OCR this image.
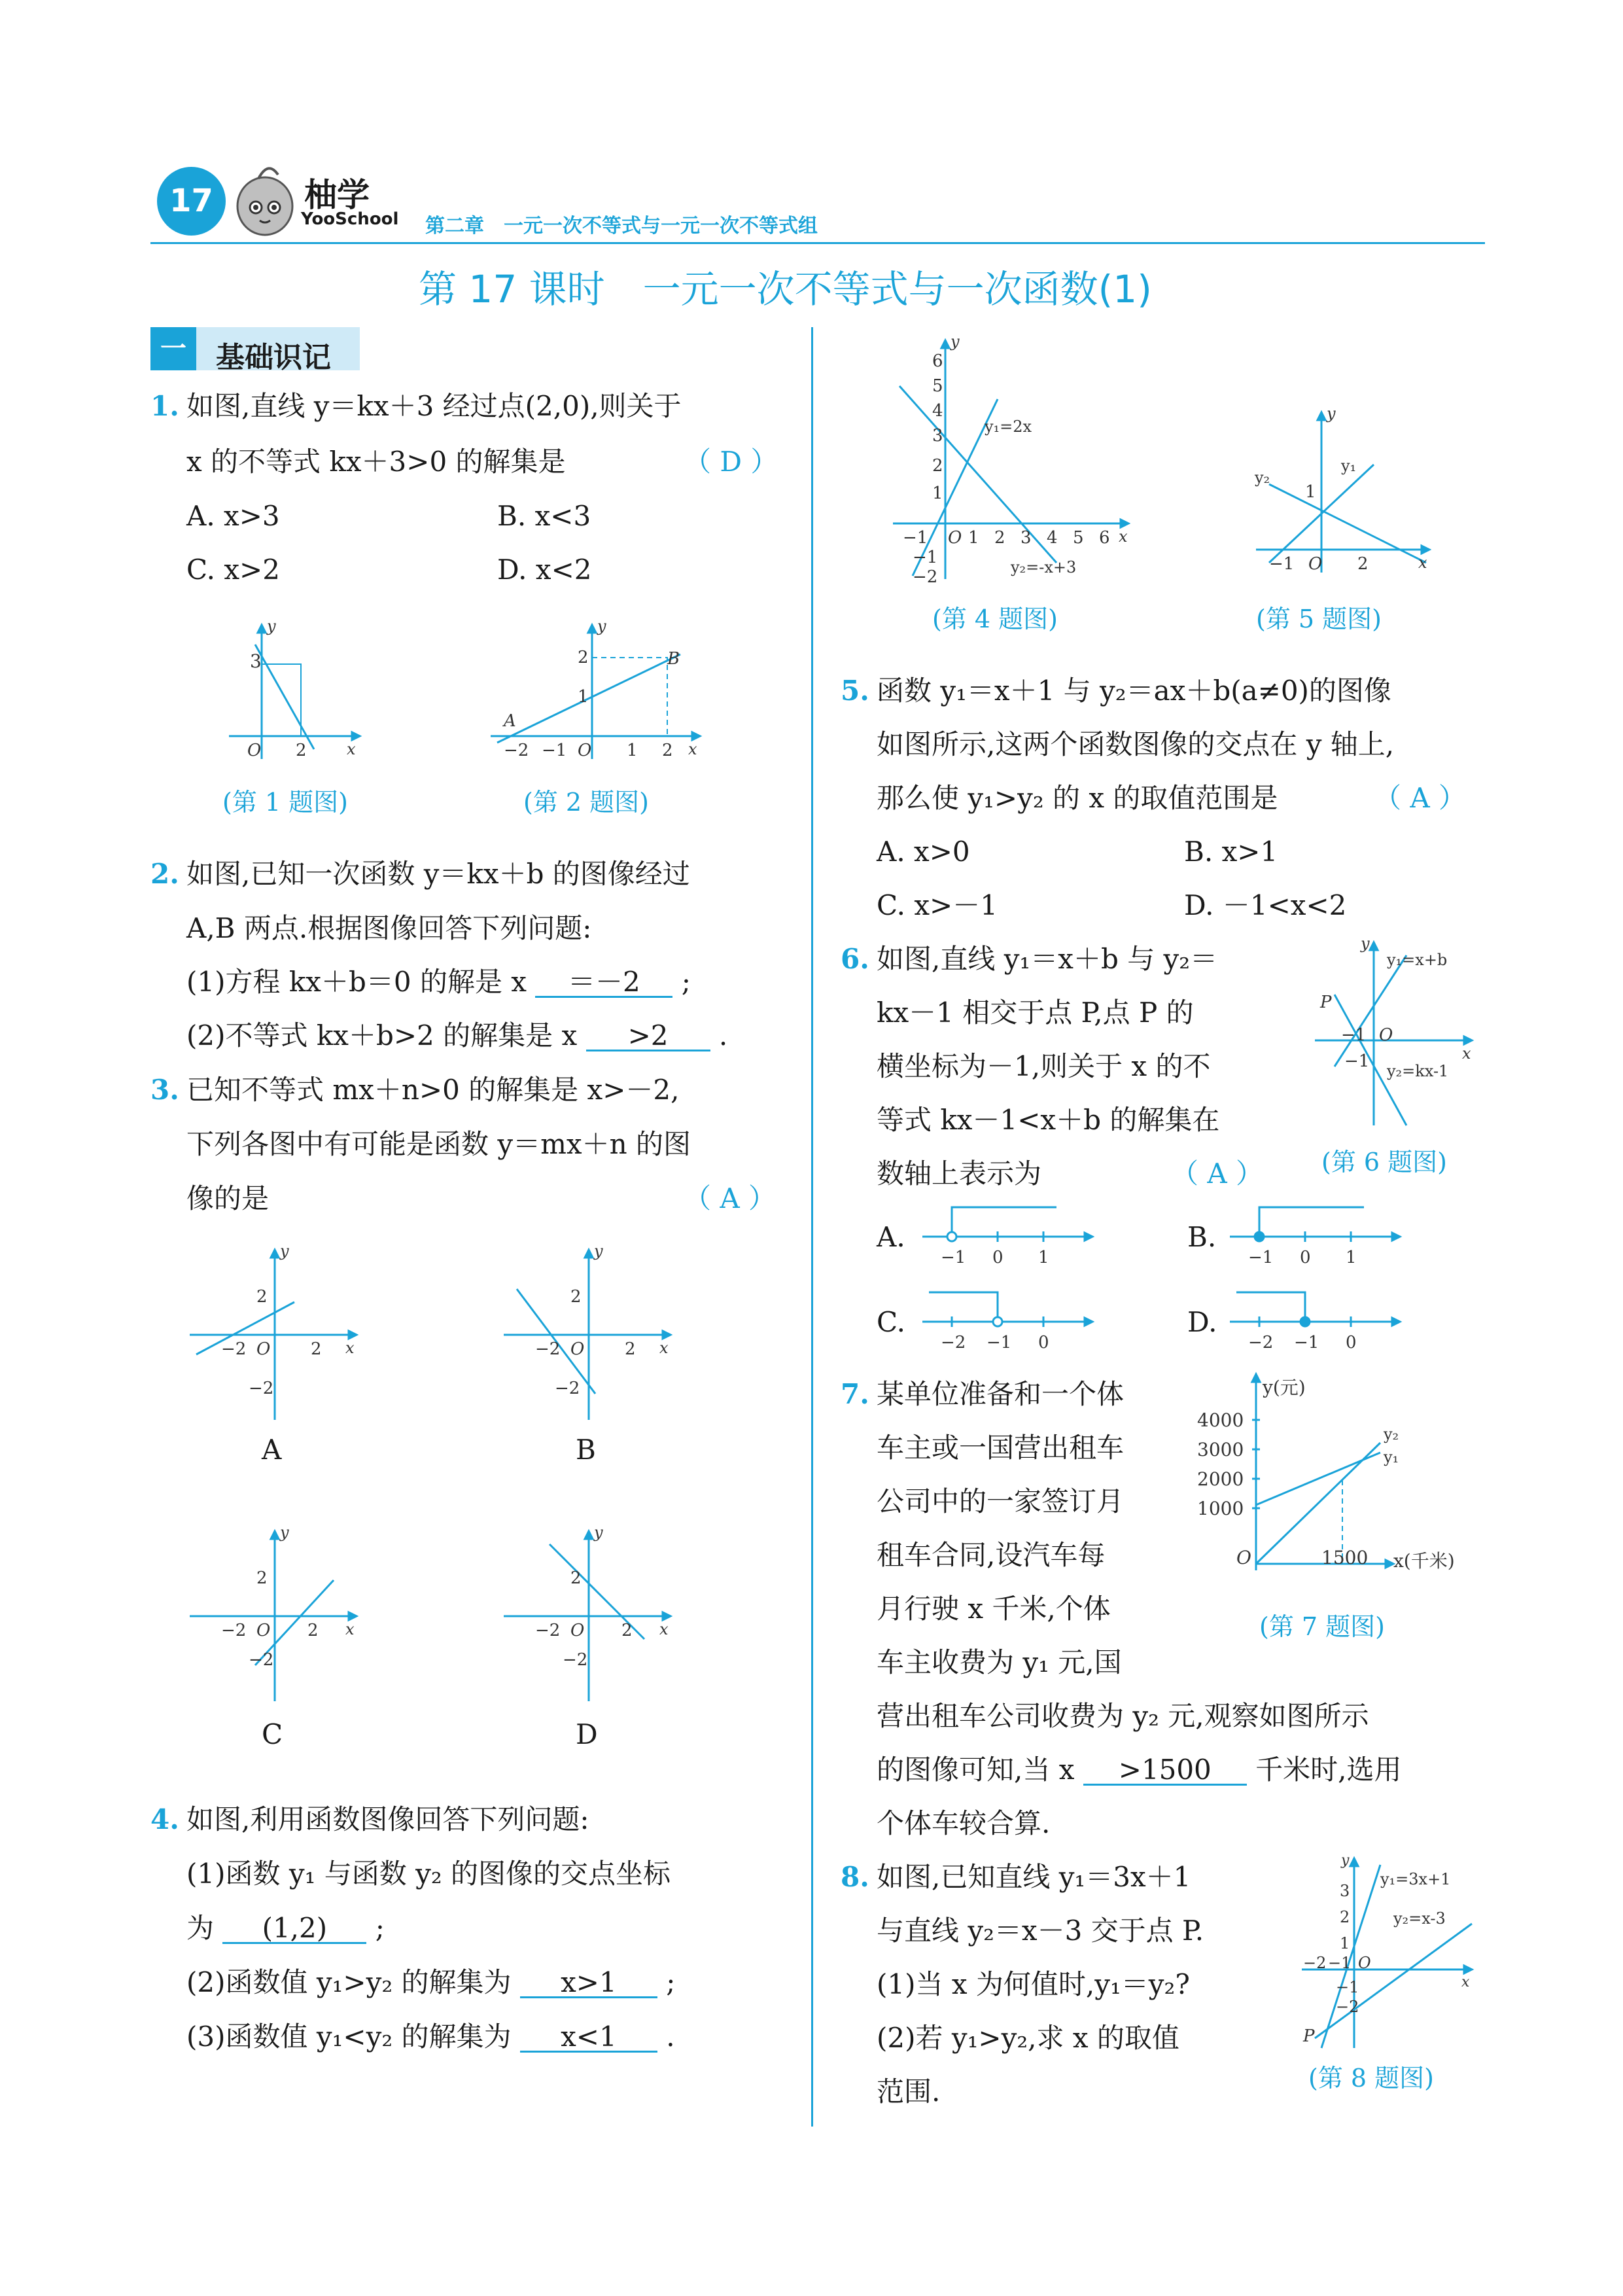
17	柚学
YooSchool 第二章　一元一次不等式与一元一次不等式组
第 17 课时　一元一次不等式与一次函数(1)
一	基础识记
1. 如图,直线 y＝kx＋3 经过点(2,0),则关于
x 的不等式 kx＋3>0 的解集是	（ D ）
A. x>3	B. x<3
C. x>2	D. x<2
3
O 2	x
y
(第 1 题图)
A
B
2
1
−2 −1 O 1 2 x
y
(第 2 题图)
2. 如图,已知一次函数 y＝kx＋b 的图像经过
A,B 两点.根据图像回答下列问题:
(1)方程 kx＋b＝0 的解是 x ＝－2 ;
(2)不等式 kx＋b>2 的解集是 x >2 .
3. 已知不等式 mx＋n>0 的解集是 x>－2,
下列各图中有可能是函数 y＝mx＋n 的图
像的是	（ A ）
2
−2 O 2
−2
x
y
A
2
−2 O 2
−2
x
y
B
2
−2 O 2
−2
x
y
C
2
−2 O 2
−2
x
y
D
4. 如图,利用函数图像回答下列问题:
(1)函数 y₁ 与函数 y₂ 的图像的交点坐标
为 (1,2) ;
(2)函数值 y₁>y₂ 的解集为 x>1 ;
(3)函数值 y₁<y₂ 的解集为 x<1 .
6
5
4
3
2
1
−1 O 1 2 3 4 5 6
−1
−2
x
y
y₁=2x
y₂=-x+3
(第 4 题图)
y₂
y₁
1
−1 O 2	x
y
(第 5 题图)
5. 函数 y₁＝x＋1 与 y₂＝ax＋b(a≠0)的图像
如图所示,这两个函数图像的交点在 y 轴上,
那么使 y₁>y₂ 的 x 的取值范围是	（ A ）
A. x>0	B. x>1
C. x>－1	D. －1<x<2
6. 如图,直线 y₁＝x＋b 与 y₂＝
kx－1 相交于点 P,点 P 的
横坐标为－1,则关于 x 的不
等式 kx－1<x＋b 的解集在
数轴上表示为	（ A ）
P
−1 O
−1	x
y
y₁=x+b
y₂=kx-1
(第 6 题图)
A.
−1 0 1
B.
−1 0 1
C.
−2 −1 0
D.
−2 −1 0
7. 某单位准备和一个体
车主或一国营出租车
公司中的一家签订月
租车合同,设汽车每
月行驶 x 千米,个体
车主收费为 y₁ 元,国
营出租车公司收费为 y₂ 元,观察如图所示
的图像可知,当 x >1500 千米时,选用
个体车较合算.
y(元)
4000
3000
2000
1000
O	1500 x(千米)
y₂
y₁
(第 7 题图)
8. 如图,已知直线 y₁＝3x＋1
与直线 y₂＝x－3 交于点 P.
(1)当 x 为何值时,y₁＝y₂?
(2)若 y₁>y₂,求 x 的取值
范围.
3
2
1
−2 −1 O
−1
−2
P
x
y
y₁=3x+1
y₂=x-3
(第 8 题图)
